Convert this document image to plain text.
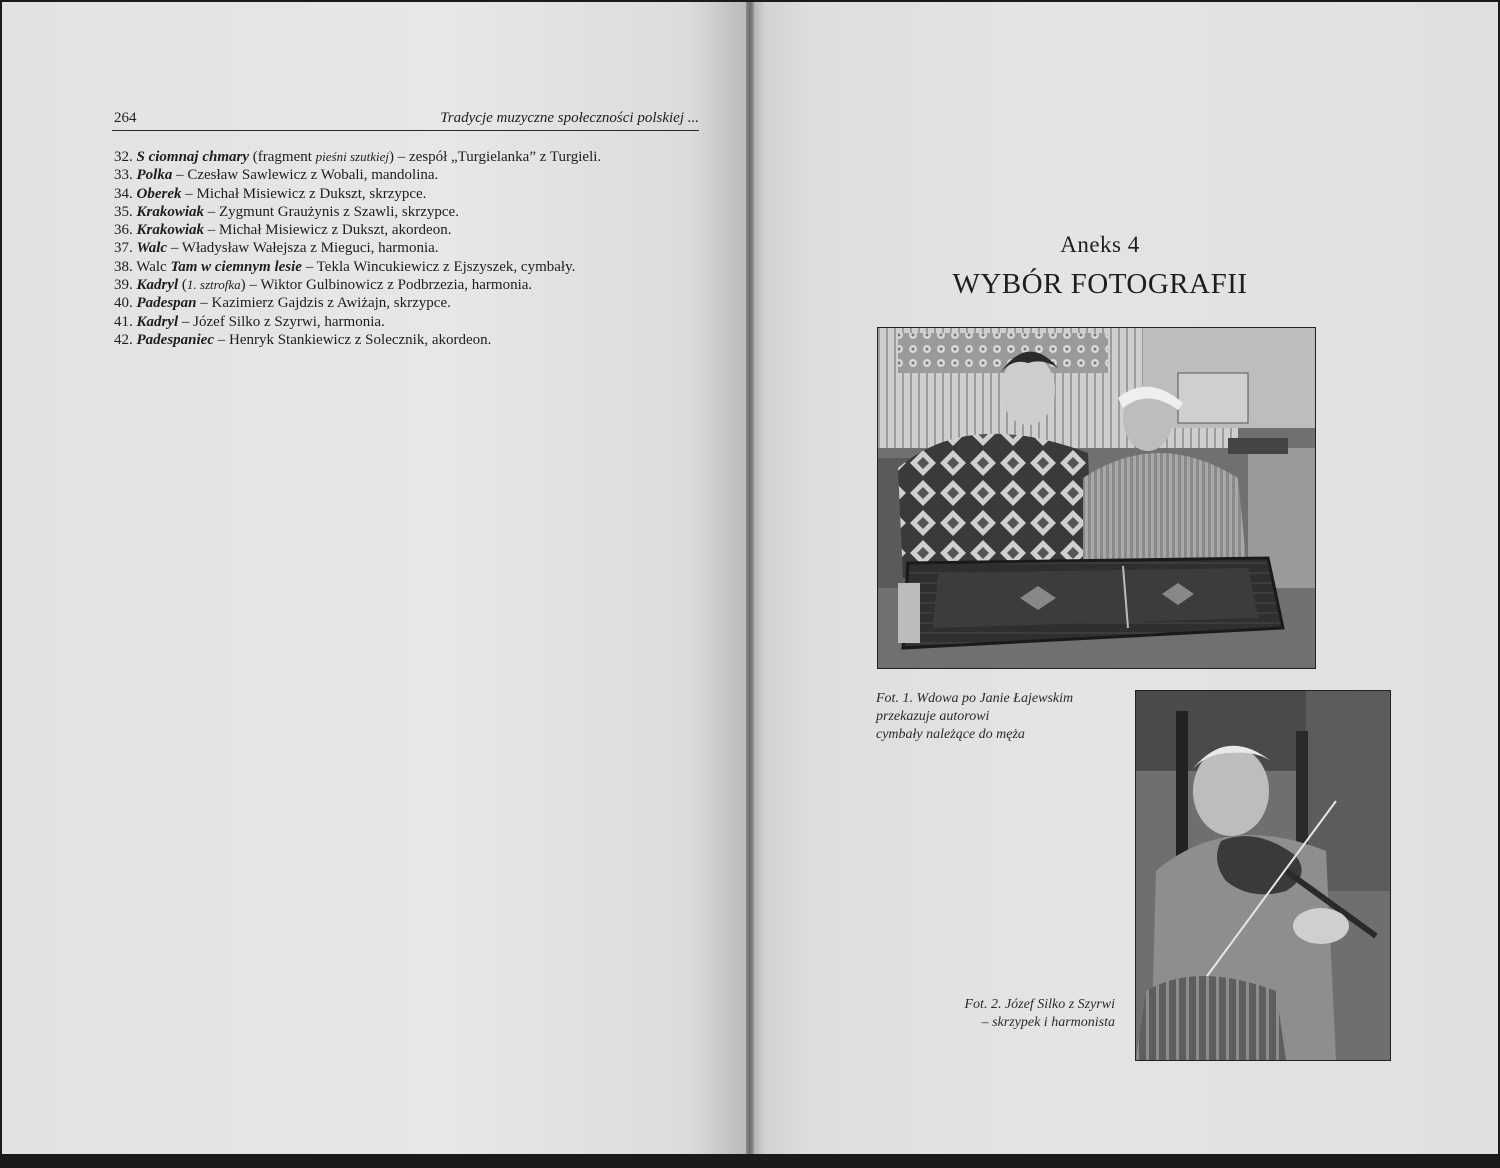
264	Tradycje muzyczne społeczności polskiej ...
32. S ciomnaj chmary (fragment pieśni szutkiej) – zespół „Turgielanka” z Turgieli.
33. Polka – Czesław Sawlewicz z Wobali, mandolina.
34. Oberek – Michał Misiewicz z Dukszt, skrzypce.
35. Krakowiak – Zygmunt Graużynis z Szawli, skrzypce.
36. Krakowiak – Michał Misiewicz z Dukszt, akordeon.
37. Walc – Władysław Wałejsza z Mieguci, harmonia.
38. Walc Tam w ciemnym lesie – Tekla Wincukiewicz z Ejszyszek, cymbały.
39. Kadryl (1. sztrofka) – Wiktor Gulbinowicz z Podbrzezia, harmonia.
40. Padespan – Kazimierz Gajdzis z Awiżajn, skrzypce.
41. Kadryl – Józef Silko z Szyrwi, harmonia.
42. Padespaniec – Henryk Stankiewicz z Solecznik, akordeon.
Aneks 4
WYBÓR FOTOGRAFII
Fot. 1. Wdowa po Janie Łajewskim
przekazuje autorowi
cymbały należące do męża
Fot. 2. Józef Silko z Szyrwi
– skrzypek i harmonista
